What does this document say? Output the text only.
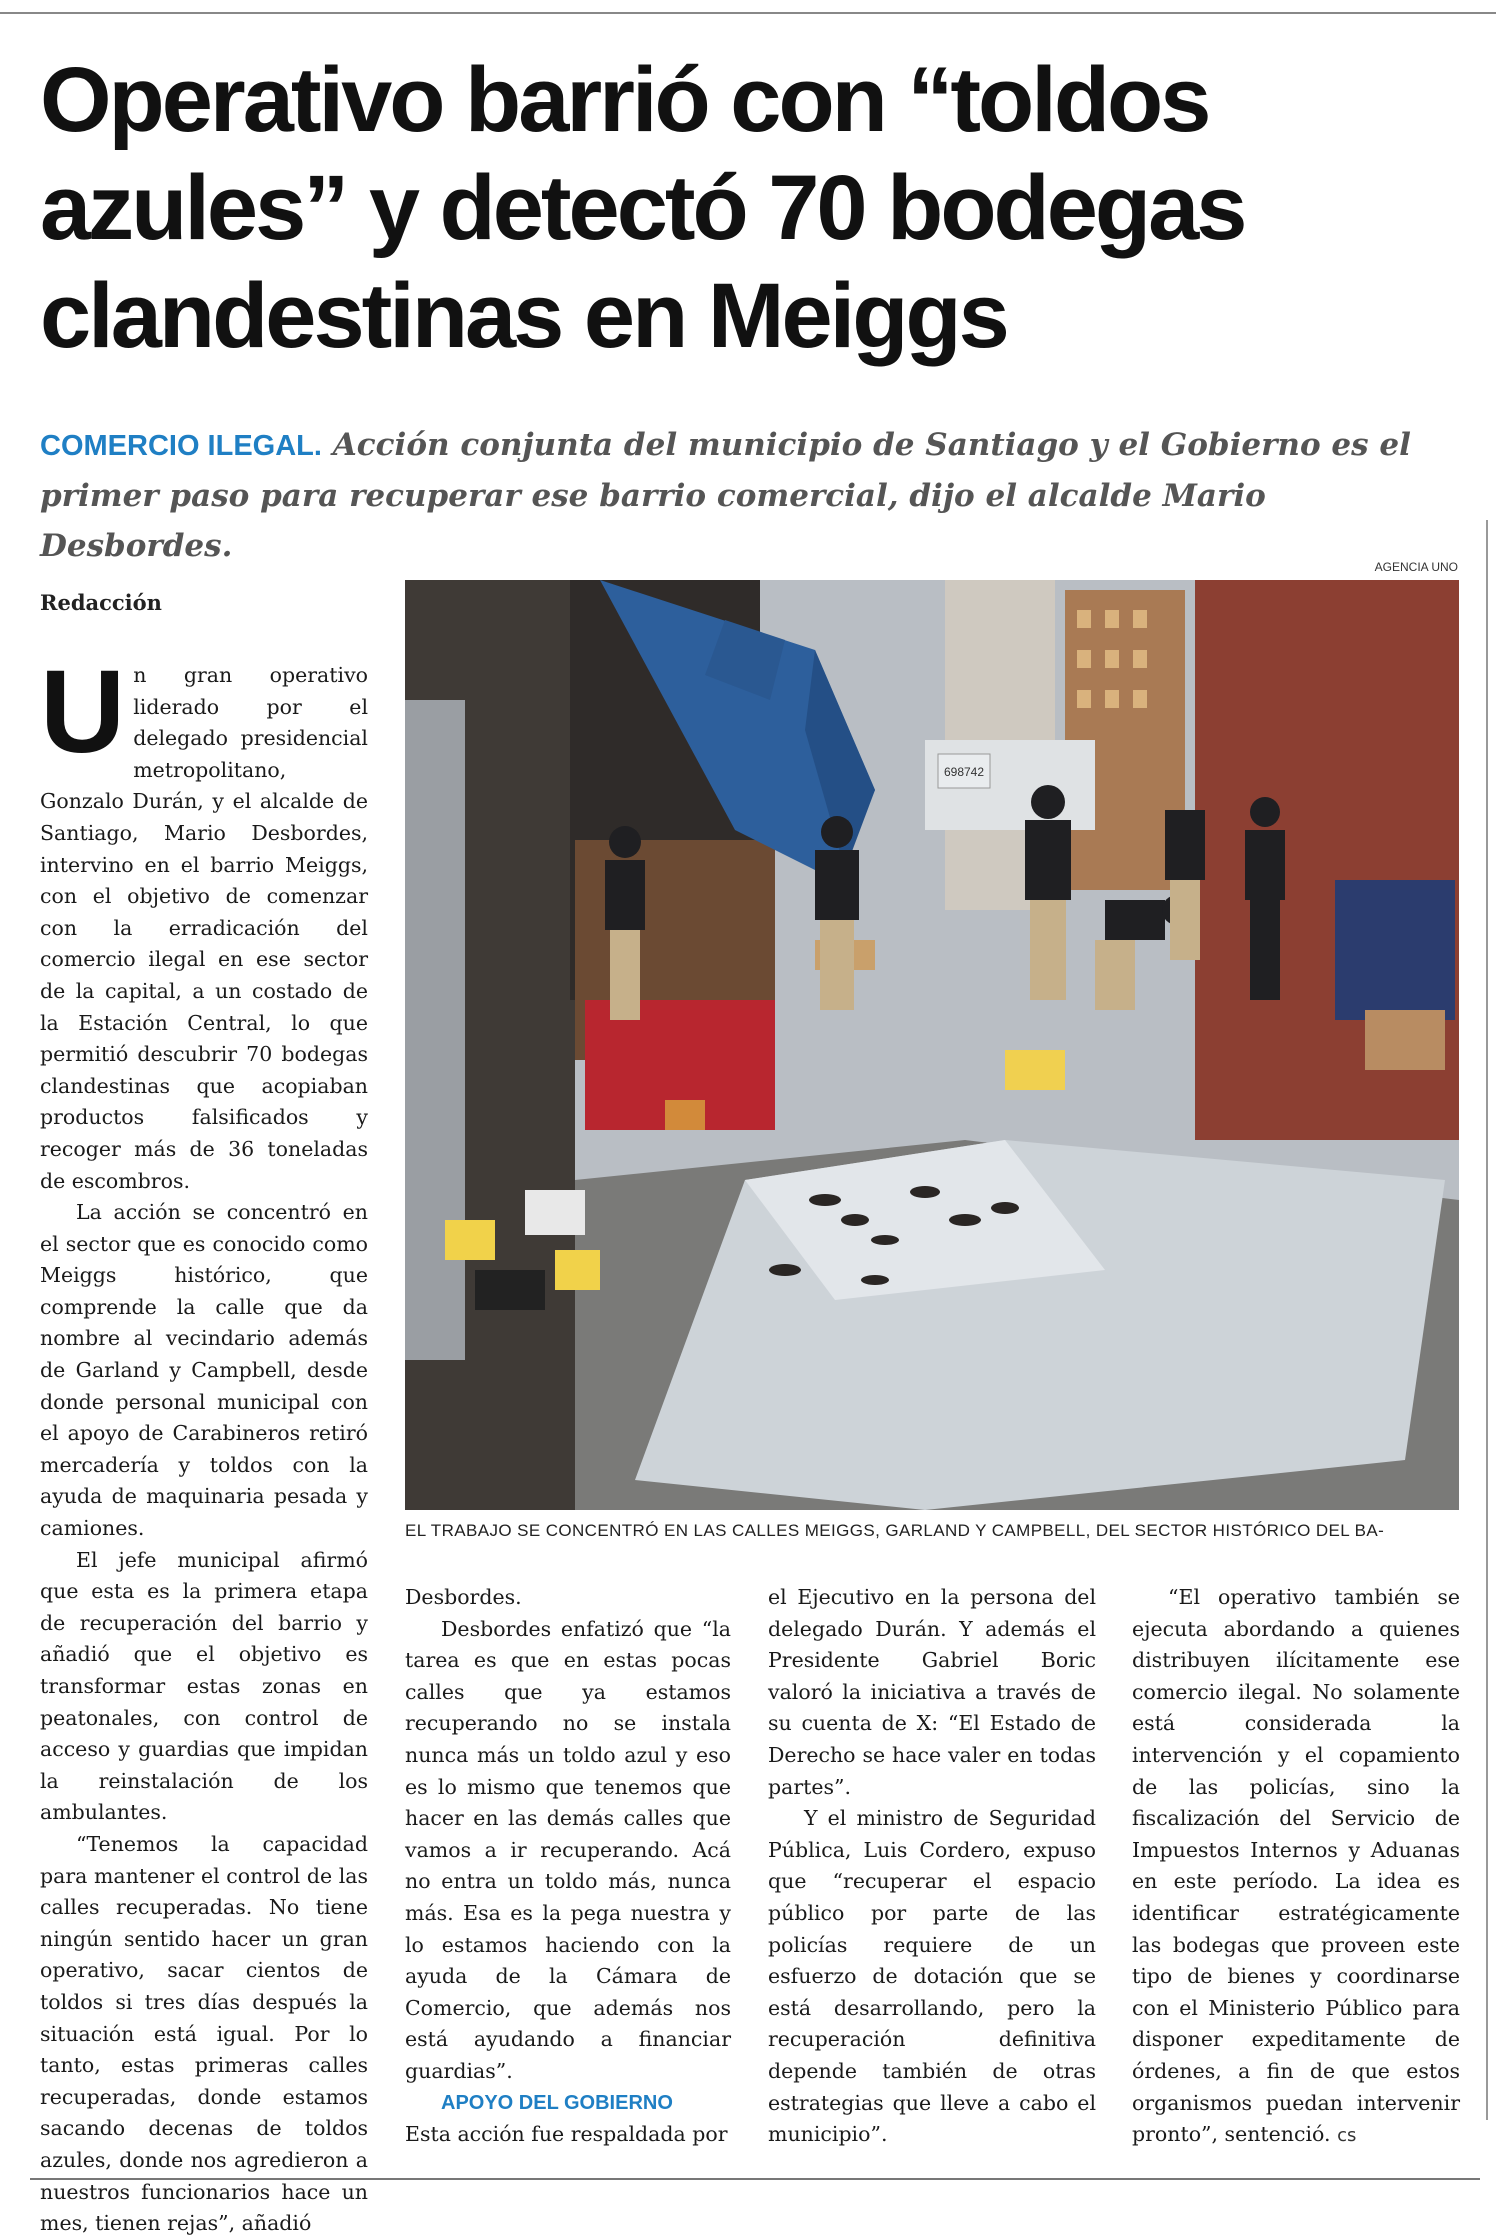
Operativo barrió con “toldos azules” y detectó 70 bodegas clandestinas en Meiggs
COMERCIO ILEGAL. Acción conjunta del municipio de Santiago y el Gobierno es el primer paso para recuperar ese barrio comercial, dijo el alcalde Mario Desbordes.
AGENCIA UNO
698742

EL TRABAJO SE CONCENTRÓ EN LAS CALLES MEIGGS, GARLAND Y CAMPBELL, DEL SECTOR HISTÓRICO DEL BA-

Redacción

Un gran operativo liderado por el delegado presidencial metropolitano, Gonzalo Durán, y el alcalde de Santiago, Mario Desbordes, intervino en el barrio Meiggs, con el objetivo de comenzar con la erradicación del comercio ilegal en ese sector de la capital, a un costado de la Estación Central, lo que permitió descubrir 70 bodegas clandestinas que acopiaban productos falsificados y recoger más de 36 toneladas de escombros.

La acción se concentró en el sector que es conocido como Meiggs histórico, que comprende la calle que da nombre al vecindario además de Garland y Campbell, desde donde personal municipal con el apoyo de Carabineros retiró mercadería y toldos con la ayuda de maquinaria pesada y camiones.

El jefe municipal afirmó que esta es la primera etapa de recuperación del barrio y añadió que el objetivo es transformar estas zonas en peatonales, con control de acceso y guardias que impidan la reinstalación de los ambulantes.

“Tenemos la capacidad para mantener el control de las calles recuperadas. No tiene ningún sentido hacer un gran operativo, sacar cientos de toldos si tres días después la situación está igual. Por lo tanto, estas primeras calles recuperadas, donde estamos sacando decenas de toldos azules, donde nos agredieron a nuestros funcionarios hace un mes, tienen rejas”, añadió

Desbordes.

Desbordes enfatizó que “la tarea es que en estas pocas calles que ya estamos recuperando no se instala nunca más un toldo azul y eso es lo mismo que tenemos que hacer en las demás calles que vamos a ir recuperando. Acá no entra un toldo más, nunca más. Esa es la pega nuestra y lo estamos haciendo con la ayuda de la Cámara de Comercio, que además nos está ayudando a financiar guardias”.

APOYO DEL GOBIERNO

Esta acción fue respaldada por

el Ejecutivo en la persona del delegado Durán. Y además el Presidente Gabriel Boric valoró la iniciativa a través de su cuenta de X: “El Estado de Derecho se hace valer en todas partes”.

Y el ministro de Seguridad Pública, Luis Cordero, expuso que “recuperar el espacio público por parte de las policías requiere de un esfuerzo de dotación que se está desarrollando, pero la recuperación definitiva depende también de otras estrategias que lleve a cabo el municipio”.

“El operativo también se ejecuta abordando a quienes distribuyen ilícitamente ese comercio ilegal. No solamente está considerada la intervención y el copamiento de las policías, sino la fiscalización del Servicio de Impuestos Internos y Aduanas en este período. La idea es identificar estratégicamente las bodegas que proveen este tipo de bienes y coordinarse con el Ministerio Público para disponer expeditamente de órdenes, a fin de que estos organismos puedan intervenir pronto”, sentenció. cs
